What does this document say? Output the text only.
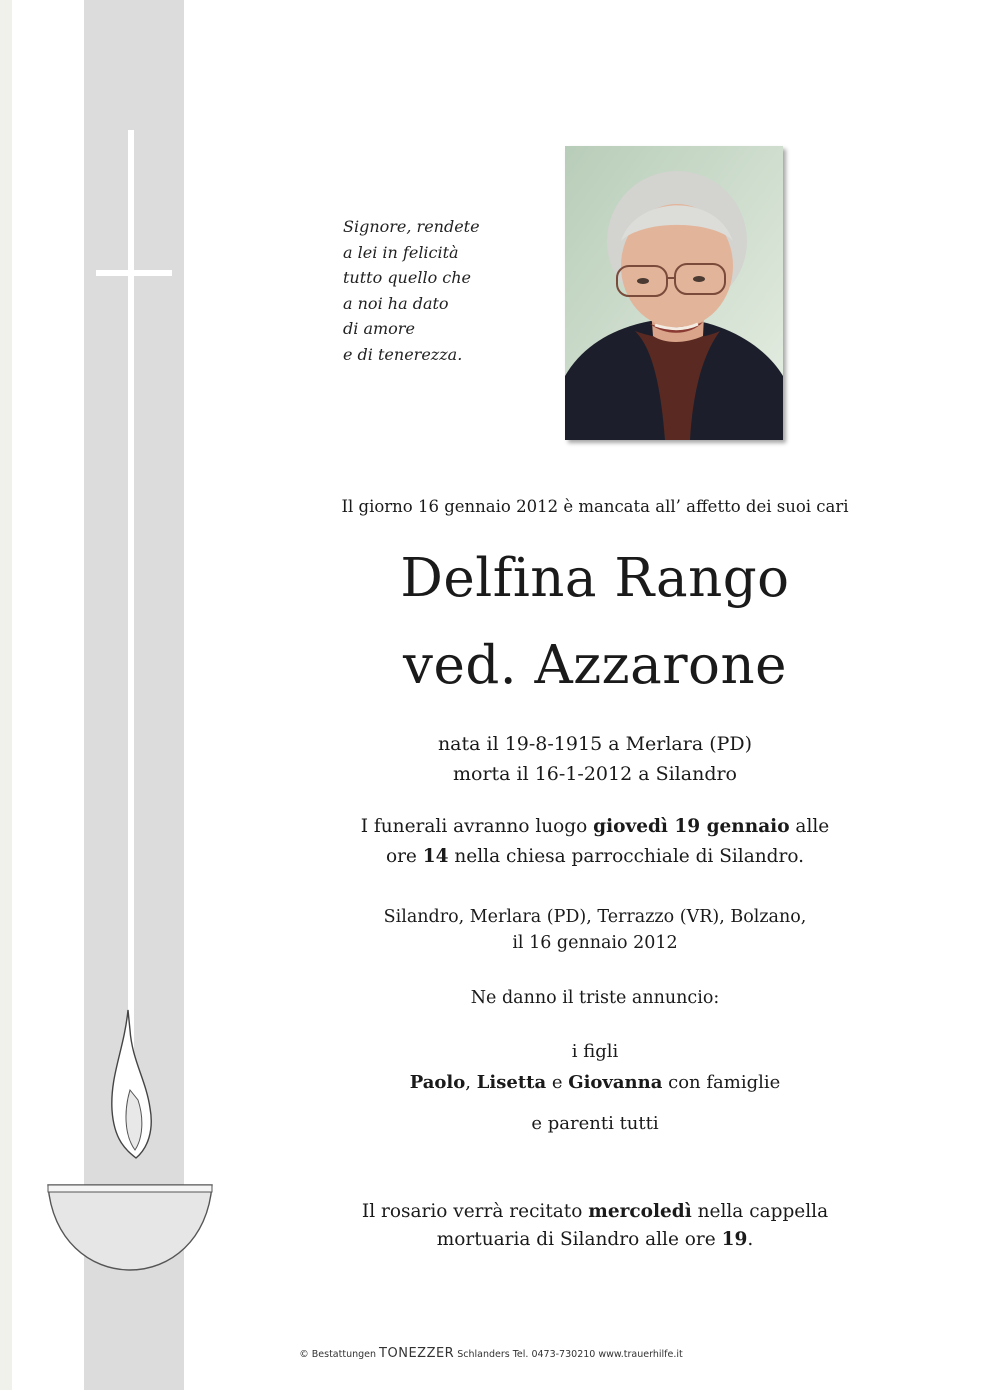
Signore, rendete
a lei in felicità
tutto quello che
a noi ha dato
di amore
e di tenerezza.
Il giorno 16 gennaio 2012 è mancata all’ affetto dei suoi cari
Delfina Rango
ved. Azzarone
nata il 19-8-1915 a Merlara (PD)
morta il 16-1-2012 a Silandro
I funerali avranno luogo giovedì 19 gennaio alle
ore 14 nella chiesa parrocchiale di Silandro.
Silandro, Merlara (PD), Terrazzo (VR), Bolzano,
il 16 gennaio 2012
Ne danno il triste annuncio:
i figli
Paolo, Lisetta e Giovanna con famiglie
e parenti tutti
Il rosario verrà recitato mercoledì nella cappella
mortuaria di Silandro alle ore 19.
© Bestattungen TONEZZER Schlanders Tel. 0473-730210 www.trauerhilfe.it
